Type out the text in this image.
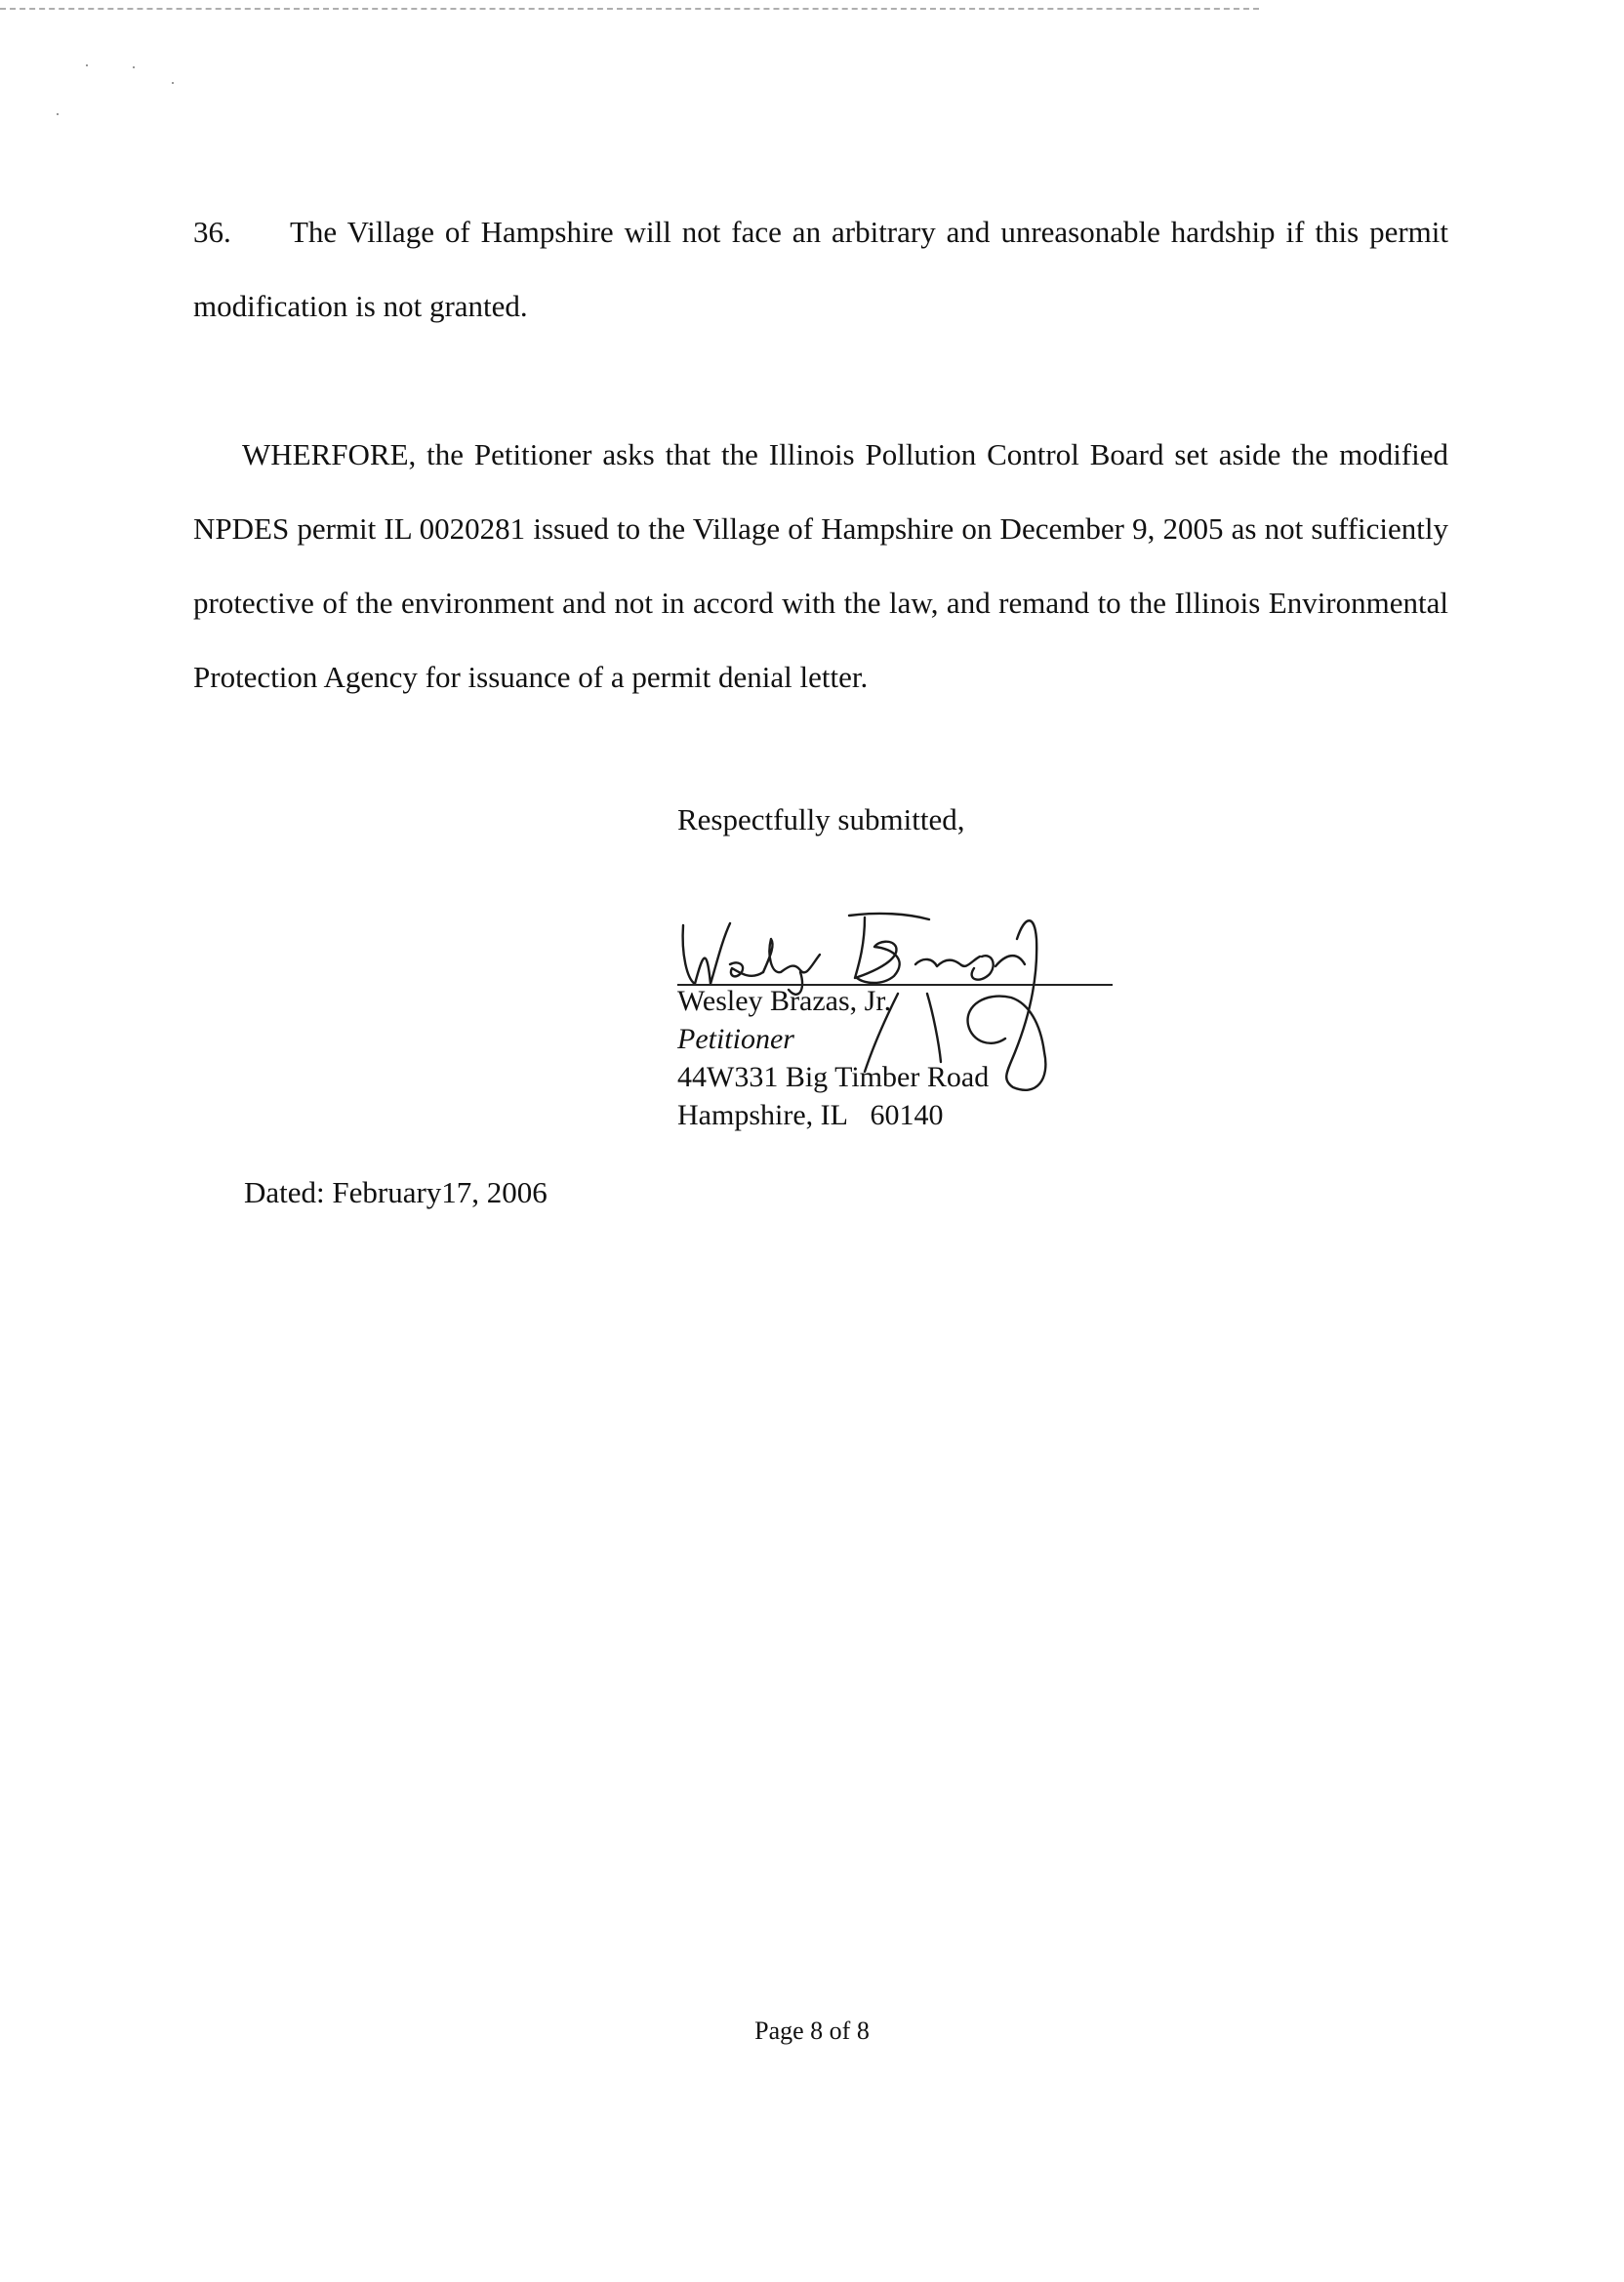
36. The Village of Hampshire will not face an arbitrary and unreasonable hardship if this permit modification is not granted.

WHERFORE, the Petitioner asks that the Illinois Pollution Control Board set aside the modified NPDES permit IL 0020281 issued to the Village of Hampshire on December 9, 2005 as not sufficiently protective of the environment and not in accord with the law, and remand to the Illinois Environmental Protection Agency for issuance of a permit denial letter.

Respectfully submitted,

Wesley Brazas, Jr.
Petitioner
44W331 Big Timber Road
Hampshire, IL   60140

Dated: February17, 2006

Page 8 of 8
